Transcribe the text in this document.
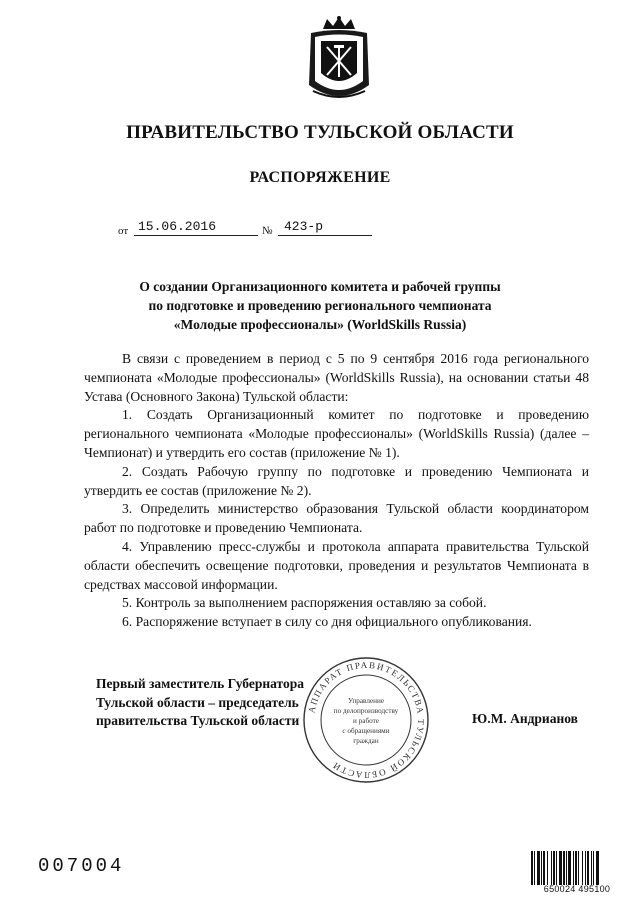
ПРАВИТЕЛЬСТВО ТУЛЬСКОЙ ОБЛАСТИ
РАСПОРЯЖЕНИЕ
от 15.06.2016	№ 423-р
О создании Организационного комитета и рабочей группы
по подготовке и проведению регионального чемпионата
«Молодые профессионалы» (WorldSkills Russia)

В связи с проведением в период с 5 по 9 сентября 2016 года регионального чемпионата «Молодые профессионалы» (WorldSkills Russia), на основании статьи 48 Устава (Основного Закона) Тульской области:

1. Создать Организационный комитет по подготовке и проведению регионального чемпионата «Молодые профессионалы» (WorldSkills Russia) (далее – Чемпионат) и утвердить его состав (приложение № 1).

2. Создать Рабочую группу по подготовке и проведению Чемпионата и утвердить ее состав (приложение № 2).

3. Определить министерство образования Тульской области координатором работ по подготовке и проведению Чемпионата.

4. Управлению пресс-службы и протокола аппарата правительства Тульской области обеспечить освещение подготовки, проведения и результатов Чемпионата в средствах массовой информации.

5. Контроль за выполнением распоряжения оставляю за собой.

6. Распоряжение вступает в силу со дня официального опубликования.

Первый заместитель Губернатора
Тульской области – председатель
правительства Тульской области	Ю.М. Андрианов
АППАРАТ ПРАВИТЕЛЬСТВА ТУЛЬСКОЙ ОБЛАСТИ
Управление
по делопроизводству
и работе
с обращениями
граждан
007004
650024 495100
